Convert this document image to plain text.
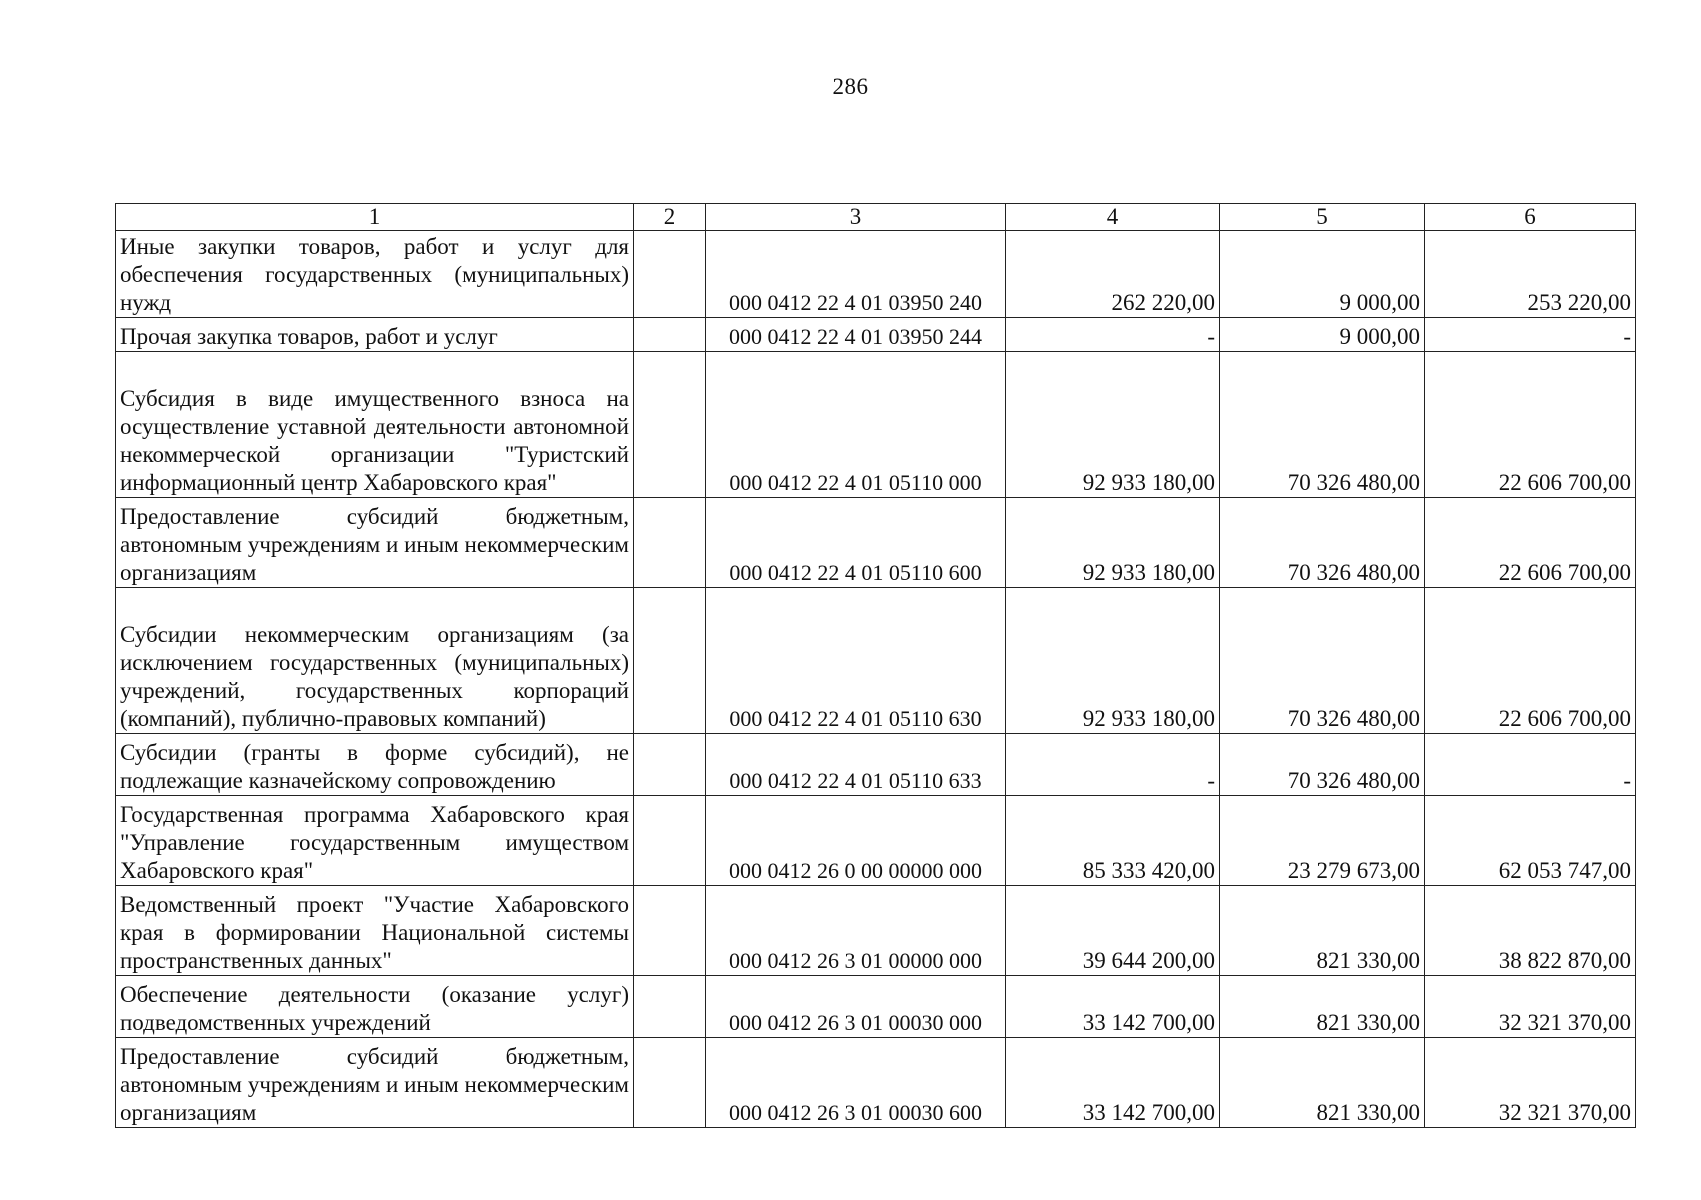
286
1	2	3	4	5	6
Иные закупки товаров, работ и услуг для обеспечения государственных (муниципальных) нужд		000 0412 22 4 01 03950 240	262 220,00	9 000,00	253 220,00
Прочая закупка товаров, работ и услуг		000 0412 22 4 01 03950 244	-	9 000,00	-
Субсидия в виде имущественного взноса на осуществление уставной деятельности автономной некоммерческой организации "Туристский информационный центр Хабаровского края"		000 0412 22 4 01 05110 000	92 933 180,00	70 326 480,00	22 606 700,00
Предоставление субсидий бюджетным, автономным учреждениям и иным некоммерческим организациям		000 0412 22 4 01 05110 600	92 933 180,00	70 326 480,00	22 606 700,00
Субсидии некоммерческим организациям (за исключением государственных (муниципальных) учреждений, государственных корпораций (компаний), публично-правовых компаний)		000 0412 22 4 01 05110 630	92 933 180,00	70 326 480,00	22 606 700,00
Субсидии (гранты в форме субсидий), не подлежащие казначейскому сопровождению		000 0412 22 4 01 05110 633	-	70 326 480,00	-
Государственная программа Хабаровского края "Управление государственным имуществом Хабаровского края"		000 0412 26 0 00 00000 000	85 333 420,00	23 279 673,00	62 053 747,00
Ведомственный проект "Участие Хабаровского края в формировании Национальной системы пространственных данных"		000 0412 26 3 01 00000 000	39 644 200,00	821 330,00	38 822 870,00
Обеспечение деятельности (оказание услуг) подведомственных учреждений		000 0412 26 3 01 00030 000	33 142 700,00	821 330,00	32 321 370,00
Предоставление субсидий бюджетным, автономным учреждениям и иным некоммерческим организациям		000 0412 26 3 01 00030 600	33 142 700,00	821 330,00	32 321 370,00
